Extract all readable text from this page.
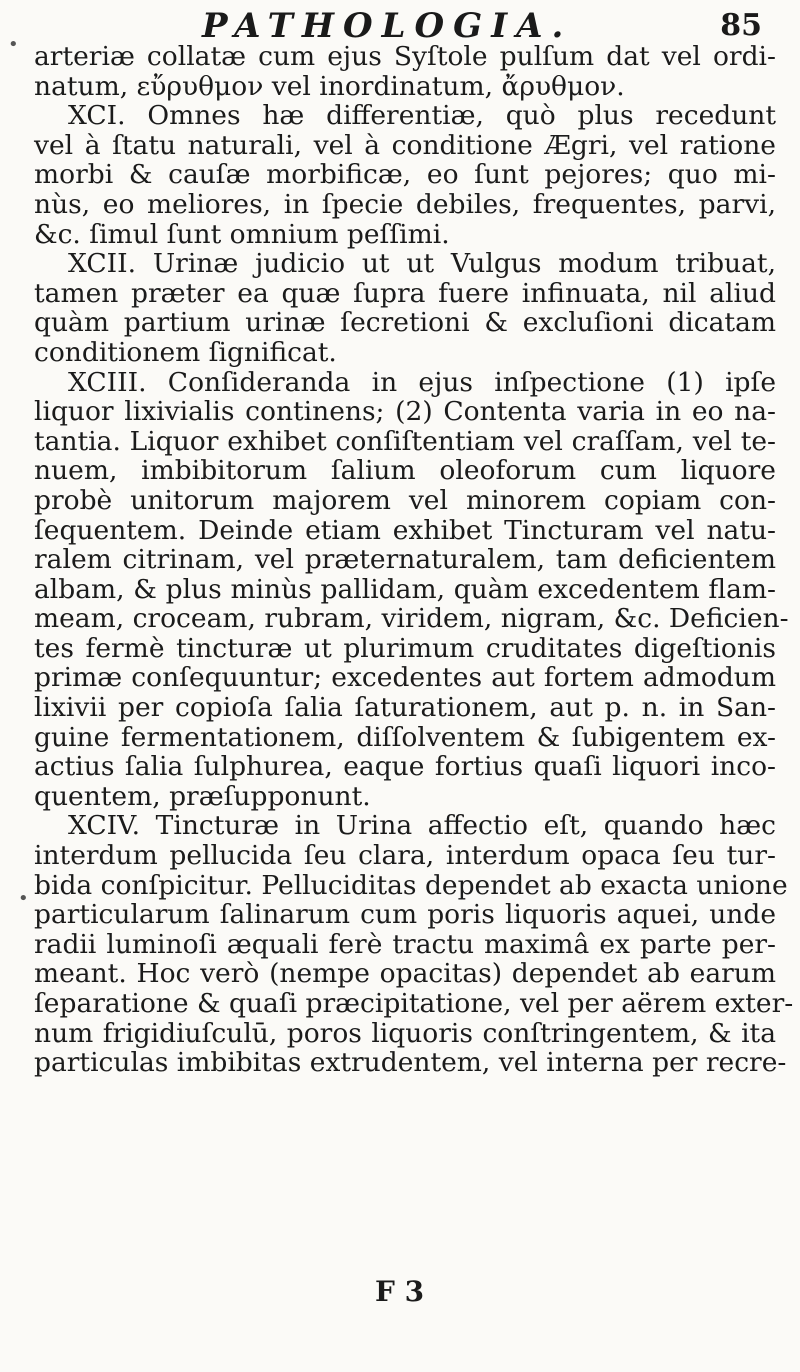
PATHOLOGIA.	85
•
•
arteriæ collatæ cum ejus Syſtole pulſum dat vel ordi-
natum, εὔρυθμον vel inordinatum, ἄρυθμον.
XCI. Omnes hæ differentiæ, quò plus recedunt
vel à ſtatu naturali, vel à conditione Ægri, vel ratione
morbi & cauſæ morbificæ, eo ſunt pejores; quo mi-
nùs, eo meliores, in ſpecie debiles, frequentes, parvi,
&c. ſimul ſunt omnium peſſimi.
XCII. Urinæ judicio ut ut Vulgus modum tribuat,
tamen præter ea quæ ſupra fuere infinuata, nil aliud
quàm partium urinæ ſecretioni & excluſioni dicatam
conditionem ſignificat.
XCIII. Conſideranda in ejus inſpectione (1) ipſe
liquor lixivialis continens; (2) Contenta varia in eo na-
tantia. Liquor exhibet conſiſtentiam vel craſſam, vel te-
nuem, imbibitorum ſalium oleoforum cum liquore
probè unitorum majorem vel minorem copiam con-
ſequentem. Deinde etiam exhibet Tincturam vel natu-
ralem citrinam, vel præternaturalem, tam deficientem
albam, & plus minùs pallidam, quàm excedentem flam-
meam, croceam, rubram, viridem, nigram, &c. Deficien-
tes fermè tincturæ ut plurimum cruditates digeſtionis
primæ conſequuntur; excedentes aut fortem admodum
lixivii per copioſa ſalia ſaturationem, aut p. n. in San-
guine fermentationem, diſſolventem & ſubigentem ex-
actius ſalia ſulphurea, eaque fortius quaſi liquori inco-
quentem, præſupponunt.
XCIV. Tincturæ in Urina affectio eſt, quando hæc
interdum pellucida ſeu clara, interdum opaca ſeu tur-
bida conſpicitur. Pelluciditas dependet ab exacta unione
particularum ſalinarum cum poris liquoris aquei, unde
radii luminoſi æquali ferè tractu maximâ ex parte per-
meant. Hoc verò (nempe opacitas) dependet ab earum
ſeparatione & quaſi præcipitatione, vel per aërem exter-
num frigidiuſculū, poros liquoris conſtringentem, & ita
particulas imbibitas extrudentem, vel interna per recre-
F 3
